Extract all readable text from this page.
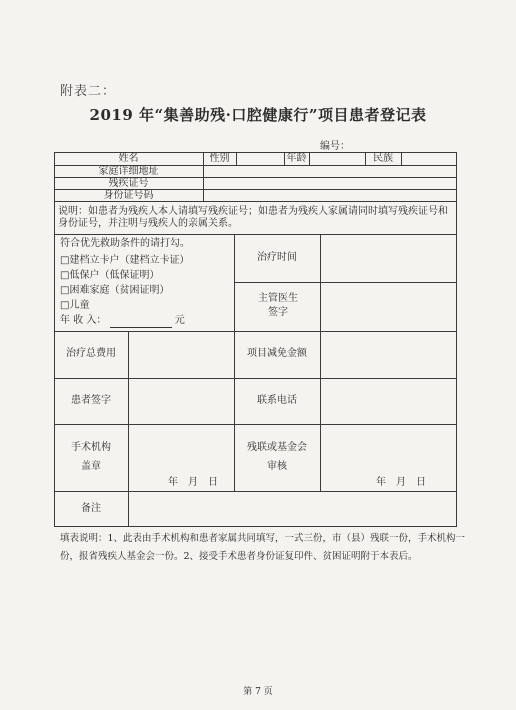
附表二：
2019 年“集善助残·口腔健康行”项目患者登记表
编号：
姓名	性别	年龄	民族
家庭详细地址
残疾证号
身份证号码
说明：如患者为残疾人本人请填写残疾证号；如患者为残疾人家属请同时填写残疾证号和身份证号，并注明与残疾人的亲属关系。
符合优先救助条件的请打勾。
□建档立卡户（建档立卡证）
□低保户（低保证明）
□困难家庭（贫困证明）
□儿童
年 收 入：	元
治疗时间
主管医生签字
治疗总费用	项目减免金额
患者签字	联系电话
手术机构
盖章
残联或基金会
审核
年　月　日	年　月　日
备注
填表说明：1、此表由手术机构和患者家属共同填写，一式三份，市（县）残联一份，手术机构一份，报省残疾人基金会一份。2、接受手术患者身份证复印件、贫困证明附于本表后。
第 7 页
